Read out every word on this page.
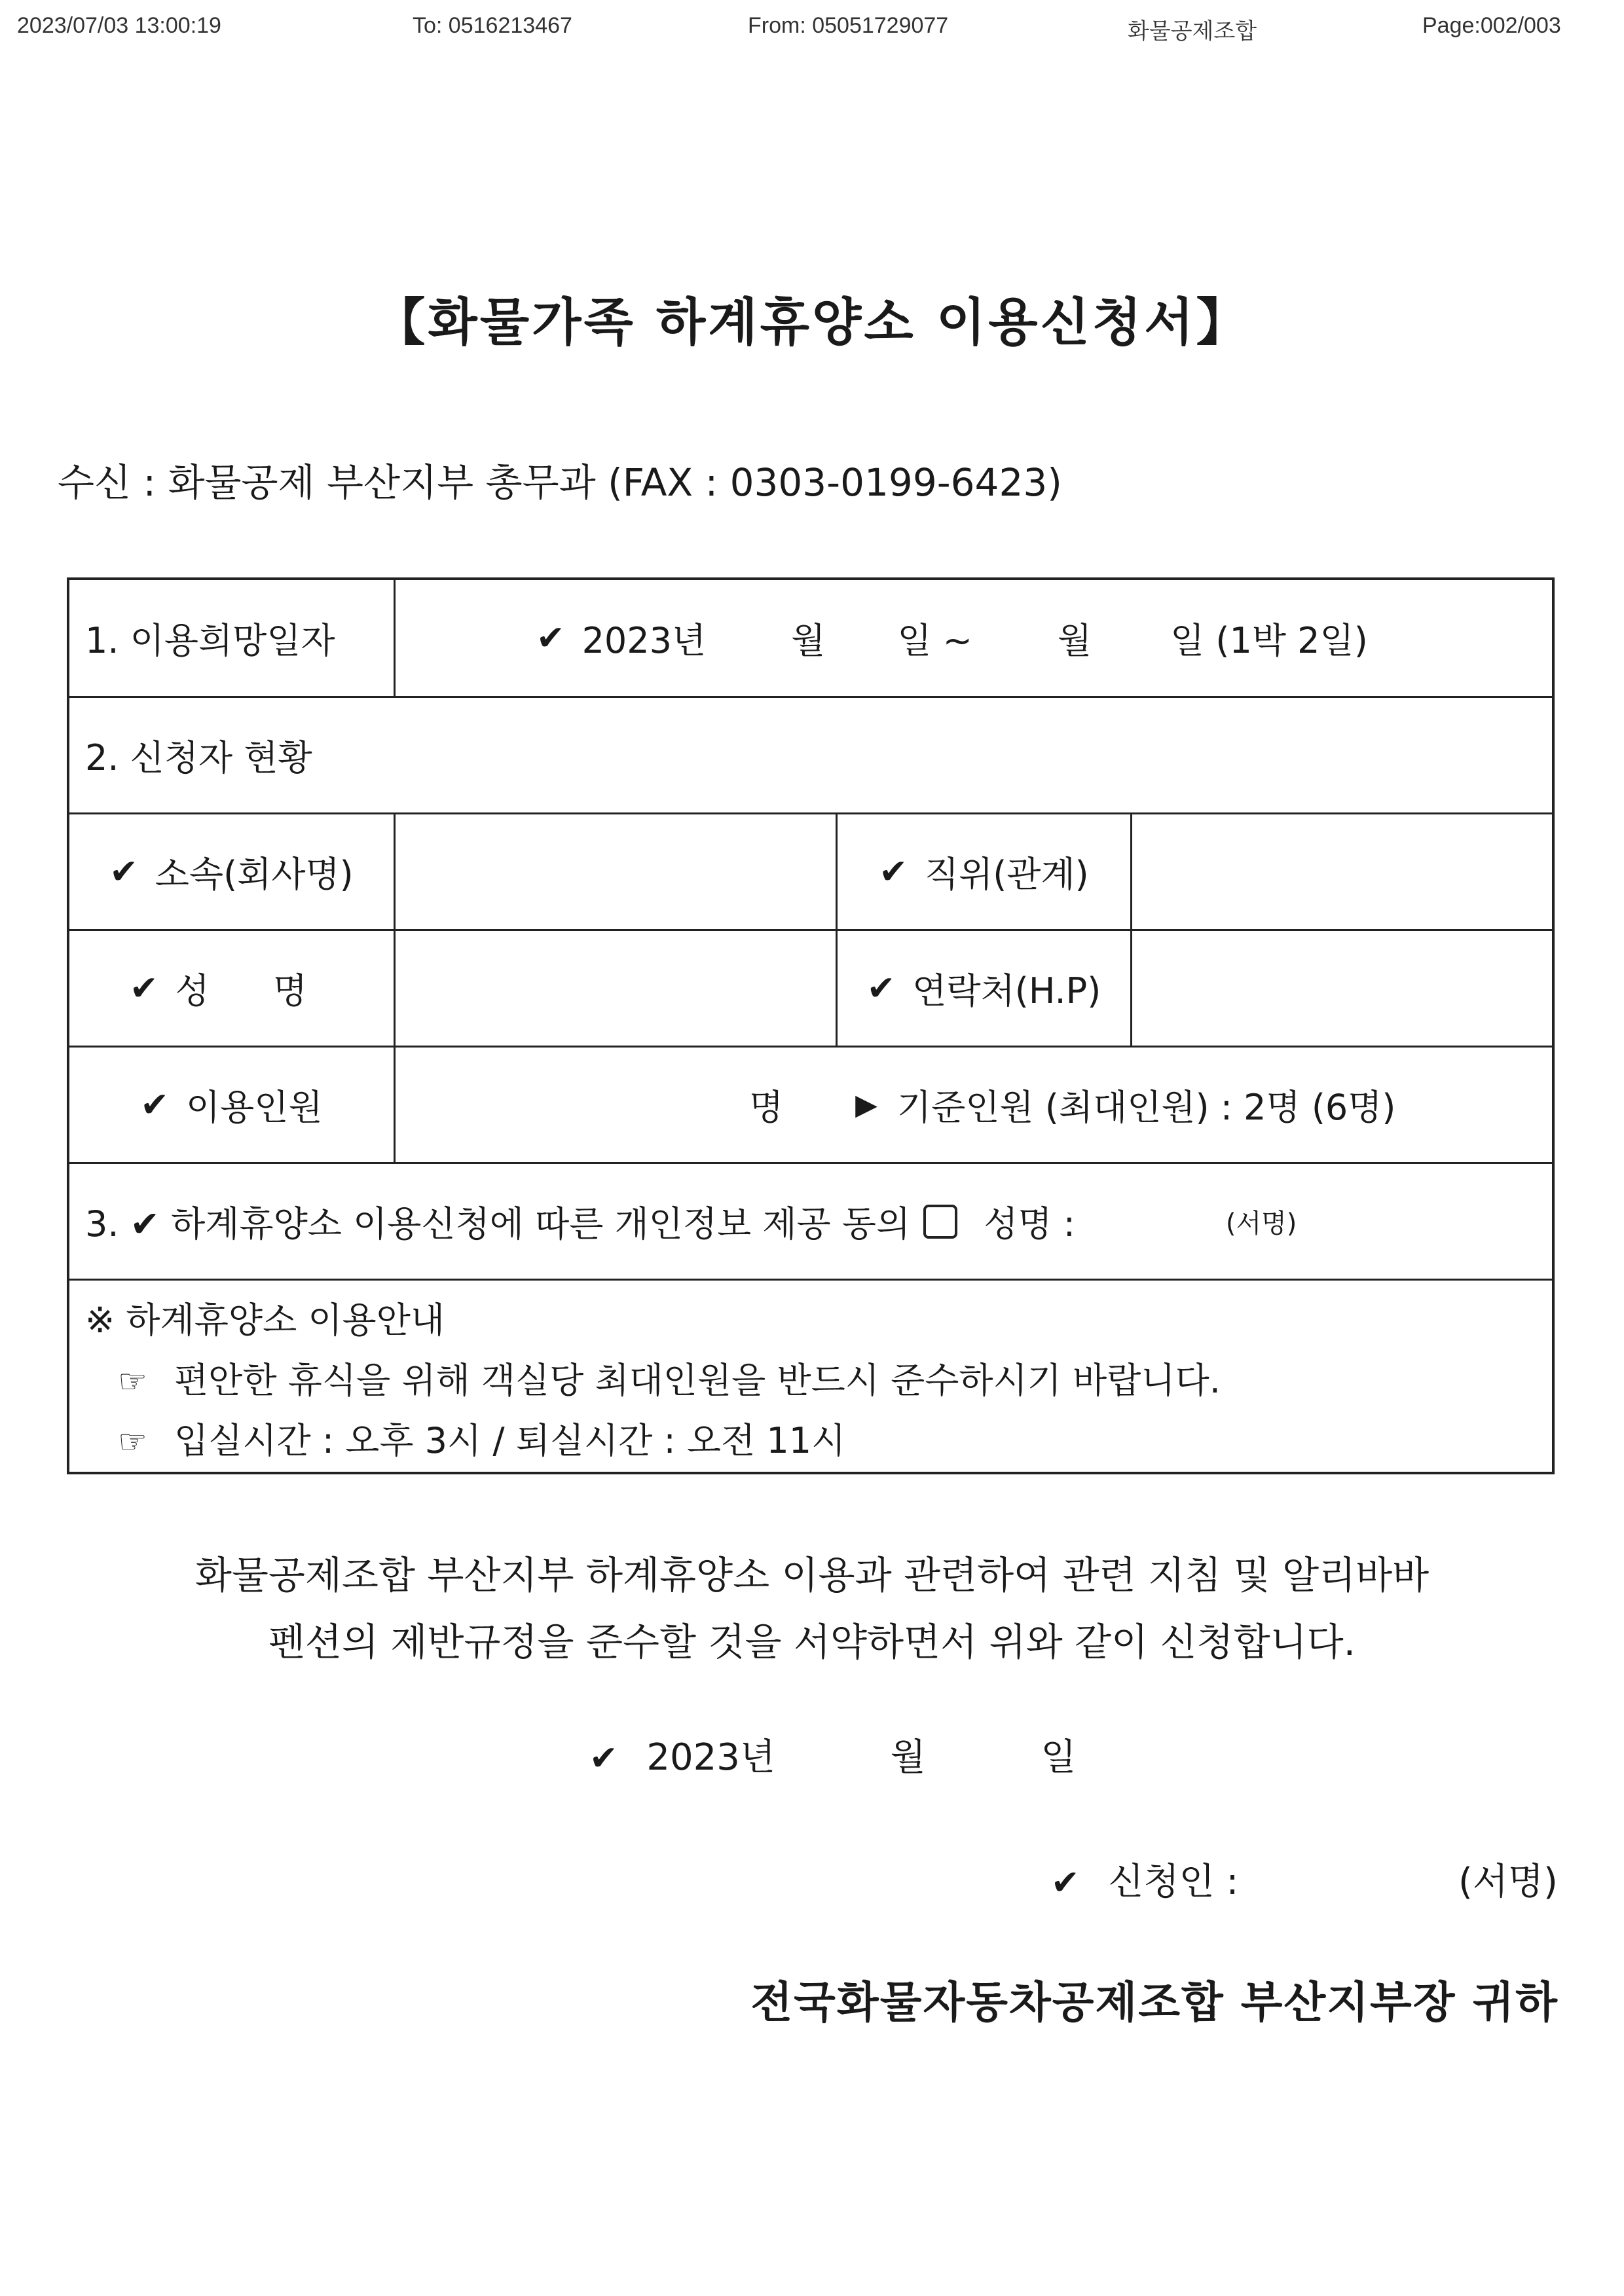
2023/07/03 13:00:19	To: 0516213467	From: 05051729077	화물공제조합	Page:002/003
【화물가족 하계휴양소 이용신청서】
수신 : 화물공제 부산지부 총무과 (FAX : 0303-0199-6423)
1. 이용희망일자	✔ 2023년 월 일 ~ 월 일 (1박 2일)
2. 신청자 현황
✔ 소속(회사명)	✔ 직위(관계)
✔ 성 명	✔ 연락처(H.P)
✔ 이용인원	명	▶ 기준인원 (최대인원) : 2명 (6명)
3. ✔ 하계휴양소 이용신청에 따른 개인정보 제공 동의 성명 :	(서명)
※ 하계휴양소 이용안내
☞ 편안한 휴식을 위해 객실당 최대인원을 반드시 준수하시기 바랍니다.
☞ 입실시간 : 오후 3시 / 퇴실시간 : 오전 11시
화물공제조합 부산지부 하계휴양소 이용과 관련하여 관련 지침 및 알리바바
펜션의 제반규정을 준수할 것을 서약하면서 위와 같이 신청합니다.
✔ 2023년	월	일
✔ 신청인 :	(서명)
전국화물자동차공제조합 부산지부장 귀하
